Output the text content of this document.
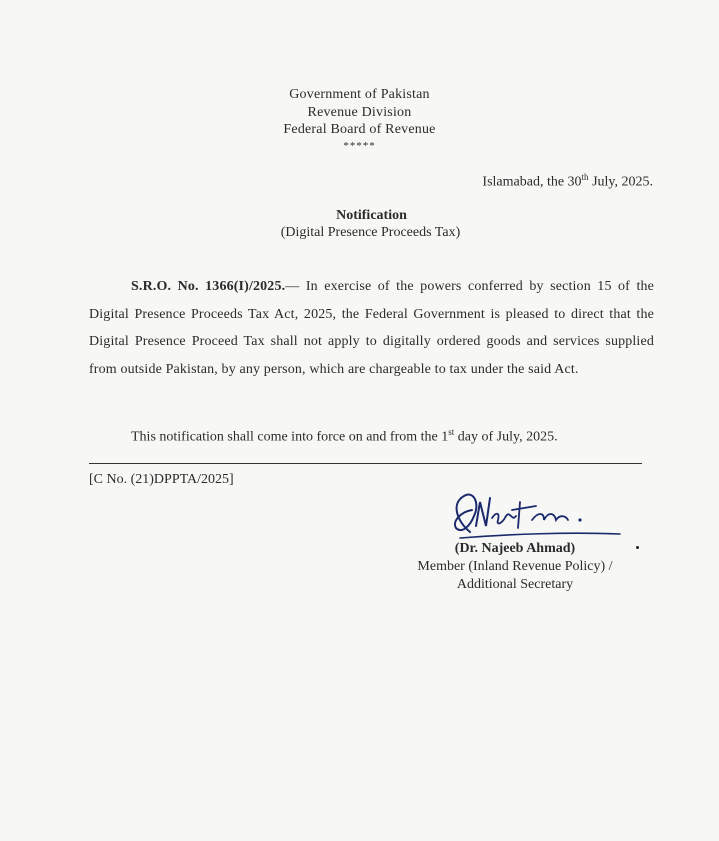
Government of Pakistan
Revenue Division
Federal Board of Revenue
*****
Islamabad, the 30th July, 2025.
Notification
(Digital Presence Proceeds Tax)
S.R.O. No. 1366(I)/2025.— In exercise of the powers conferred by section 15 of the Digital Presence Proceeds Tax Act, 2025, the Federal Government is pleased to direct that the Digital Presence Proceed Tax shall not apply to digitally ordered goods and services supplied from outside Pakistan, by any person, which are chargeable to tax under the said Act.
This notification shall come into force on and from the 1st day of July, 2025.
[C No. (21)DPPTA/2025]
(Dr. Najeeb Ahmad)
Member (Inland Revenue Policy) /
Additional Secretary
